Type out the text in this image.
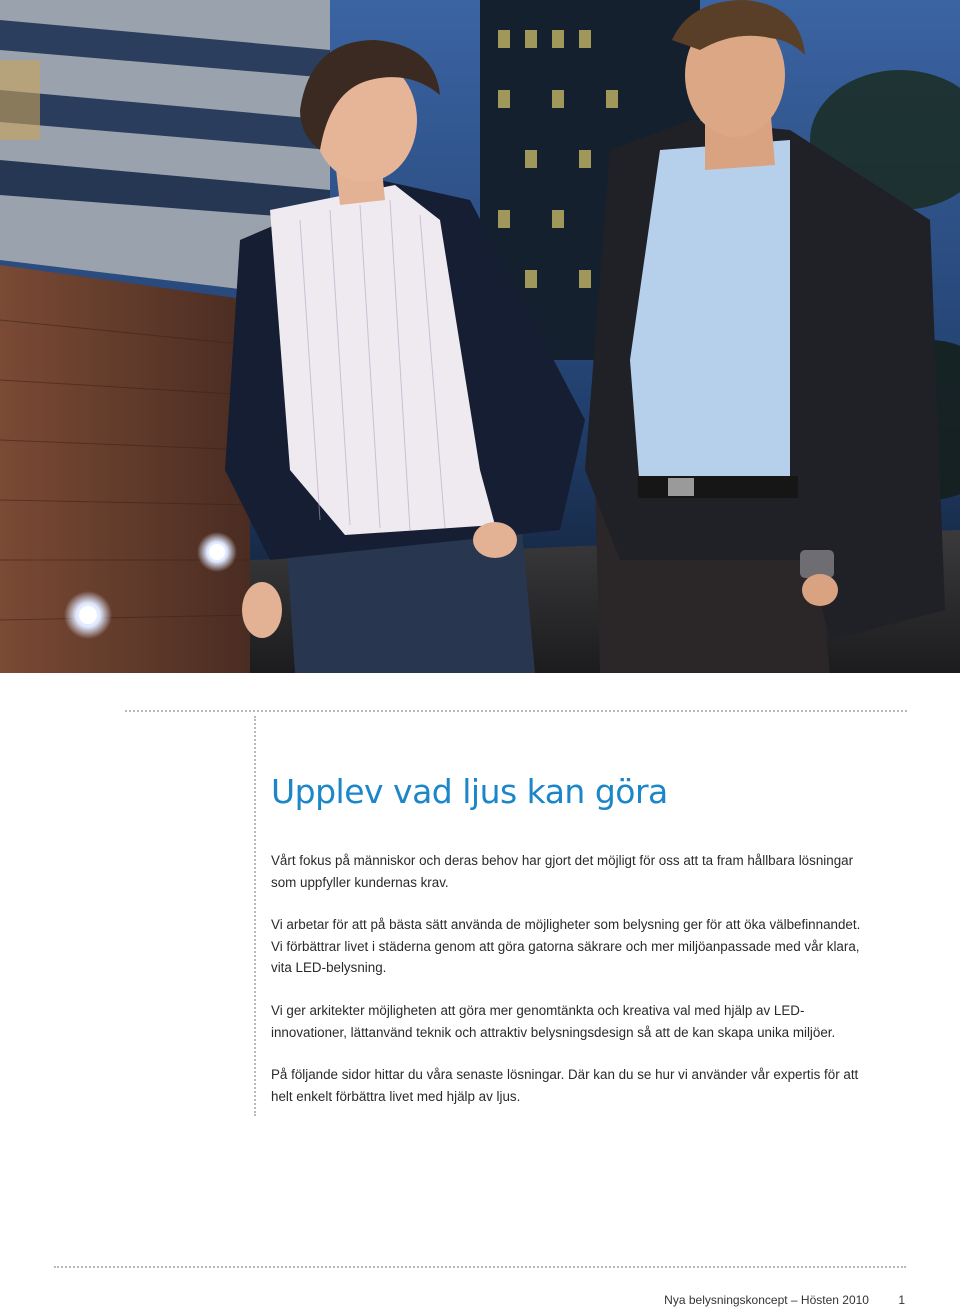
Upplev vad ljus kan göra

Vårt fokus på människor och deras behov har gjort det möjligt för oss att ta fram hållbara lösningar som uppfyller kundernas krav.

Vi arbetar för att på bästa sätt använda de möjligheter som belysning ger för att öka välbefinnandet.

Vi förbättrar livet i städerna genom att göra gatorna säkrare och mer miljöanpassade med vår klara, vita LED-belysning.

Vi ger arkitekter möjligheten att göra mer genomtänkta och kreativa val med hjälp av LED-innovationer, lättanvänd teknik och attraktiv belysningsdesign så att de kan skapa unika miljöer.

På följande sidor hittar du våra senaste lösningar. Där kan du se hur vi använder vår expertis för att helt enkelt förbättra livet med hjälp av ljus.

Nya belysningskoncept – Hösten 2010 1
